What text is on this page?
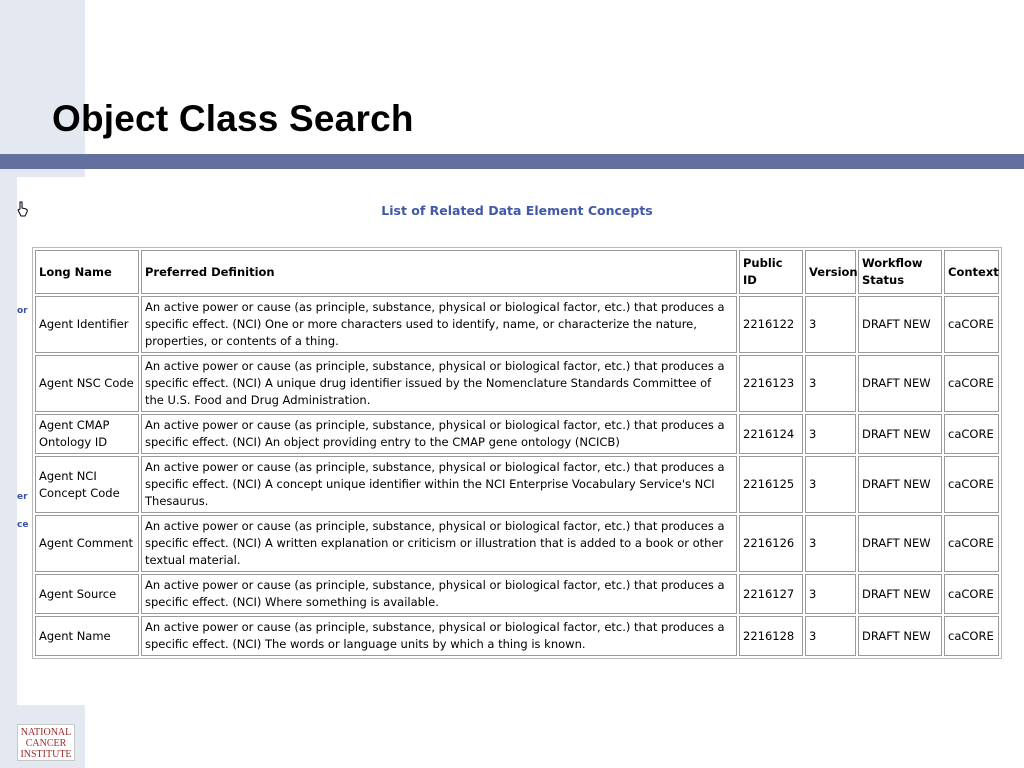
Object Class Search
or
er
ce

List of Related Data Element Concepts

Long Name	Preferred Definition	Public ID	Version	Workflow Status	Context
Agent Identifier	An active power or cause (as principle, substance, physical or biological factor, etc.) that produces a specific effect. (NCI) One or more characters used to identify, name, or characterize the nature, properties, or contents of a thing.	2216122	3	DRAFT NEW	caCORE
Agent NSC Code	An active power or cause (as principle, substance, physical or biological factor, etc.) that produces a specific effect. (NCI) A unique drug identifier issued by the Nomenclature Standards Committee of the U.S. Food and Drug Administration.	2216123	3	DRAFT NEW	caCORE
Agent CMAP Ontology ID	An active power or cause (as principle, substance, physical or biological factor, etc.) that produces a specific effect. (NCI) An object providing entry to the CMAP gene ontology (NCICB)	2216124	3	DRAFT NEW	caCORE
Agent NCI Concept Code	An active power or cause (as principle, substance, physical or biological factor, etc.) that produces a specific effect. (NCI) A concept unique identifier within the NCI Enterprise Vocabulary Service's NCI Thesaurus.	2216125	3	DRAFT NEW	caCORE
Agent Comment	An active power or cause (as principle, substance, physical or biological factor, etc.) that produces a specific effect. (NCI) A written explanation or criticism or illustration that is added to a book or other textual material.	2216126	3	DRAFT NEW	caCORE
Agent Source	An active power or cause (as principle, substance, physical or biological factor, etc.) that produces a specific effect. (NCI) Where something is available.	2216127	3	DRAFT NEW	caCORE
Agent Name	An active power or cause (as principle, substance, physical or biological factor, etc.) that produces a specific effect. (NCI) The words or language units by which a thing is known.	2216128	3	DRAFT NEW	caCORE
NATIONAL
CANCER
INSTITUTE
